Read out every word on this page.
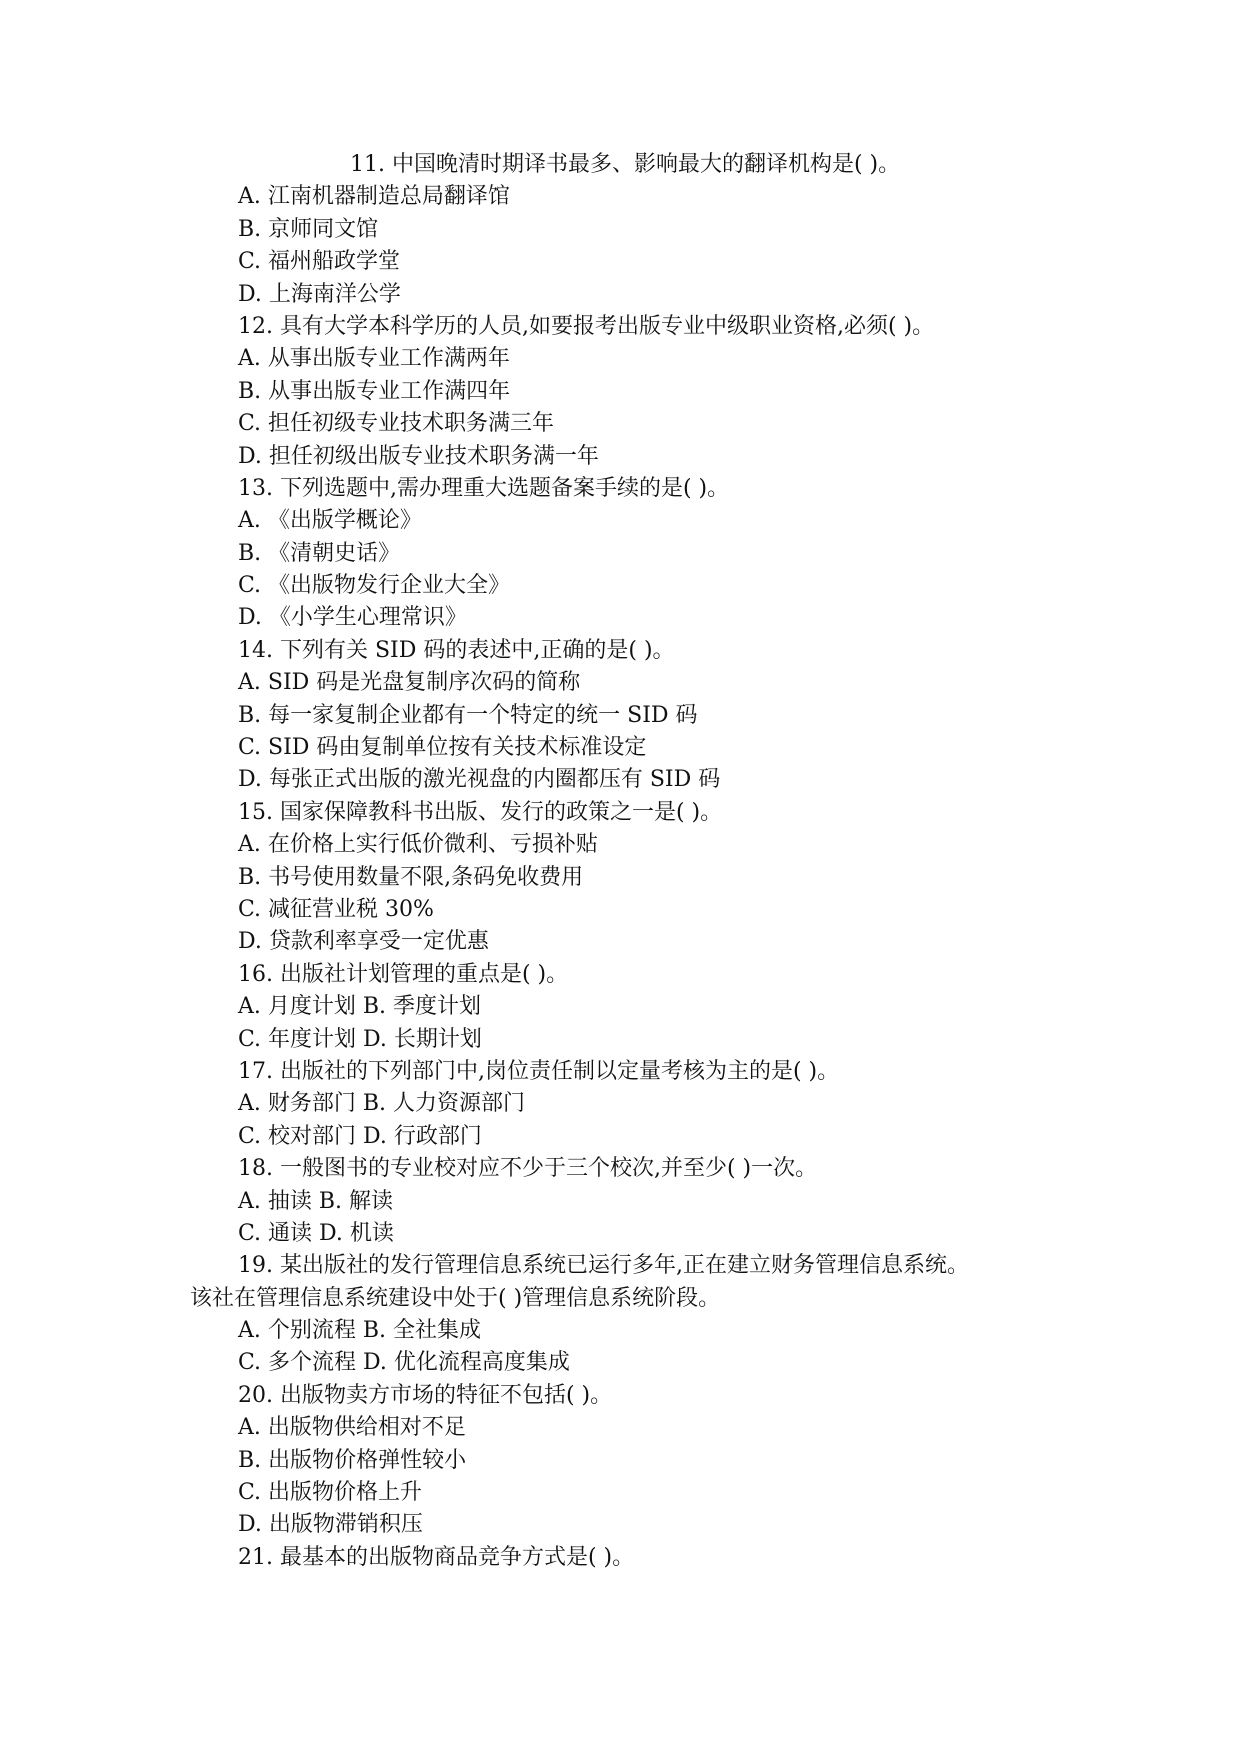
11. 中国晚清时期译书最多、影响最大的翻译机构是( )。
A. 江南机器制造总局翻译馆
B. 京师同文馆
C. 福州船政学堂
D. 上海南洋公学
12. 具有大学本科学历的人员,如要报考出版专业中级职业资格,必须( )。
A. 从事出版专业工作满两年
B. 从事出版专业工作满四年
C. 担任初级专业技术职务满三年
D. 担任初级出版专业技术职务满一年
13. 下列选题中,需办理重大选题备案手续的是( )。
A. 《出版学概论》
B. 《清朝史话》
C. 《出版物发行企业大全》
D. 《小学生心理常识》
14. 下列有关 SID 码的表述中,正确的是( )。
A. SID 码是光盘复制序次码的简称
B. 每一家复制企业都有一个特定的统一 SID 码
C. SID 码由复制单位按有关技术标准设定
D. 每张正式出版的激光视盘的内圈都压有 SID 码
15. 国家保障教科书出版、发行的政策之一是( )。
A. 在价格上实行低价微利、亏损补贴
B. 书号使用数量不限,条码免收费用
C. 减征营业税 30%
D. 贷款利率享受一定优惠
16. 出版社计划管理的重点是( )。
A. 月度计划 B. 季度计划
C. 年度计划 D. 长期计划
17. 出版社的下列部门中,岗位责任制以定量考核为主的是( )。
A. 财务部门 B. 人力资源部门
C. 校对部门 D. 行政部门
18. 一般图书的专业校对应不少于三个校次,并至少( )一次。
A. 抽读 B. 解读
C. 通读 D. 机读
19. 某出版社的发行管理信息系统已运行多年,正在建立财务管理信息系统。
该社在管理信息系统建设中处于( )管理信息系统阶段。
A. 个别流程 B. 全社集成
C. 多个流程 D. 优化流程高度集成
20. 出版物卖方市场的特征不包括( )。
A. 出版物供给相对不足
B. 出版物价格弹性较小
C. 出版物价格上升
D. 出版物滞销积压
21. 最基本的出版物商品竞争方式是( )。
